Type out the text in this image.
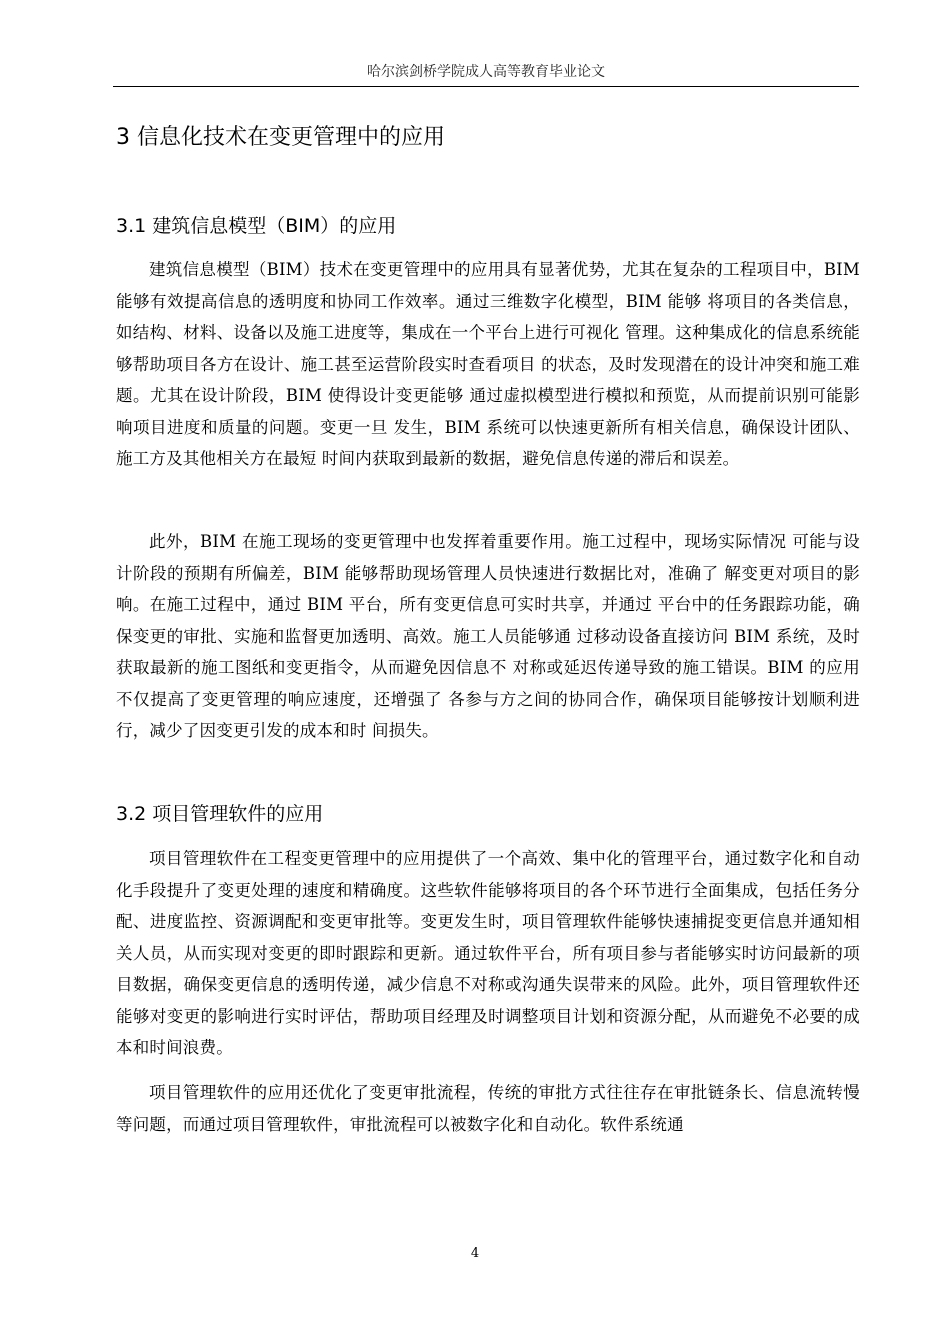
哈尔滨剑桥学院成人高等教育毕业论文
3 信息化技术在变更管理中的应用
3.1 建筑信息模型（BIM）的应用

建筑信息模型（BIM）技术在变更管理中的应用具有显著优势，尤其在复杂的工程项目中，BIM 能够有效提高信息的透明度和协同工作效率。通过三维数字化模型，BIM 能够 将项目的各类信息，如结构、材料、设备以及施工进度等，集成在一个平台上进行可视化 管理。这种集成化的信息系统能够帮助项目各方在设计、施工甚至运营阶段实时查看项目 的状态，及时发现潜在的设计冲突和施工难题。尤其在设计阶段，BIM 使得设计变更能够 通过虚拟模型进行模拟和预览，从而提前识别可能影响项目进度和质量的问题。变更一旦 发生，BIM 系统可以快速更新所有相关信息，确保设计团队、施工方及其他相关方在最短 时间内获取到最新的数据，避免信息传递的滞后和误差。

此外，BIM 在施工现场的变更管理中也发挥着重要作用。施工过程中，现场实际情况 可能与设计阶段的预期有所偏差，BIM 能够帮助现场管理人员快速进行数据比对，准确了 解变更对项目的影响。在施工过程中，通过 BIM 平台，所有变更信息可实时共享，并通过 平台中的任务跟踪功能，确保变更的审批、实施和监督更加透明、高效。施工人员能够通 过移动设备直接访问 BIM 系统，及时获取最新的施工图纸和变更指令，从而避免因信息不 对称或延迟传递导致的施工错误。BIM 的应用不仅提高了变更管理的响应速度，还增强了 各参与方之间的协同合作，确保项目能够按计划顺利进行，减少了因变更引发的成本和时 间损失。

3.2 项目管理软件的应用

项目管理软件在工程变更管理中的应用提供了一个高效、集中化的管理平台，通过数字化和自动化手段提升了变更处理的速度和精确度。这些软件能够将项目的各个环节进行全面集成，包括任务分配、进度监控、资源调配和变更审批等。变更发生时，项目管理软件能够快速捕捉变更信息并通知相关人员，从而实现对变更的即时跟踪和更新。通过软件平台，所有项目参与者能够实时访问最新的项目数据，确保变更信息的透明传递，减少信息不对称或沟通失误带来的风险。此外，项目管理软件还能够对变更的影响进行实时评估，帮助项目经理及时调整项目计划和资源分配，从而避免不必要的成本和时间浪费。

项目管理软件的应用还优化了变更审批流程，传统的审批方式往往存在审批链条长、信息流转慢等问题，而通过项目管理软件，审批流程可以被数字化和自动化。软件系统通

4
